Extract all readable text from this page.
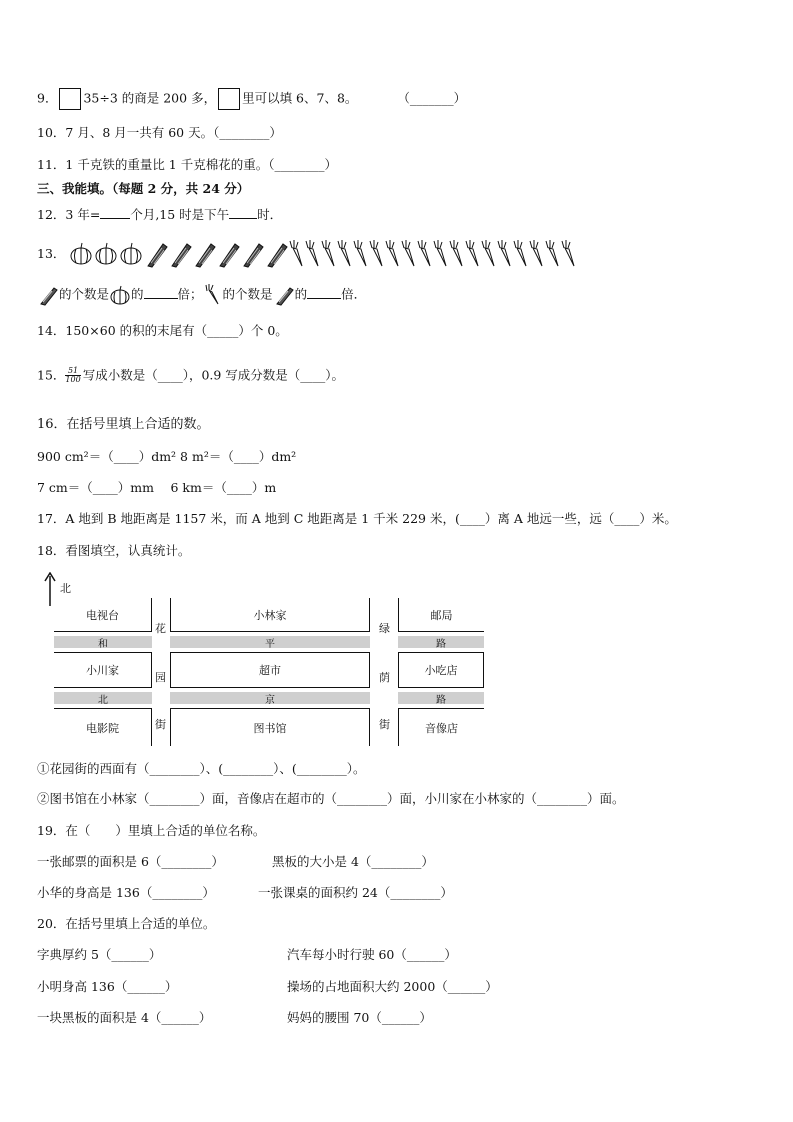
9． 35÷3 的商是 200 多， 里可以填 6、7、8。	（_______）
10．7 月、8 月一共有 60 天。（________）
11．1 千克铁的重量比 1 千克棉花的重。（________）
三、我能填。（每题 2 分，共 24 分）
12．3 年= 个月,15 时是下午 时．
13．
的个数是 的	倍； 的个数是 的	倍．
14．150×60 的积的末尾有（_____）个 0。
15． $\frac{51}{100}$ 写成小数是（____），0.9 写成分数是（____）。
16．在括号里填上合适的数。
900 cm²＝（____）dm² 8 m²＝（____）dm²
7 cm＝（____）mm　 6 km＝（____）m
17．A 地到 B 地距离是 1157 米，而 A 地到 C 地距离是 1 千米 229 米，(____）离 A 地远一些，远（____）米。
18．看图填空，认真统计。
北
电视台	小林家	邮局
和	平	路
小川家	超市	小吃店
北	京	路
电影院	图书馆	音像店
花
园
街
绿
荫
街
①花园街的西面有（________）、(________）、(________）。
②图书馆在小林家（________）面，音像店在超市的（________）面，小川家在小林家的（________）面。
19．在（　　）里填上合适的单位名称。
一张邮票的面积是 6（________）	黑板的大小是 4（________）
小华的身高是 136（________）	一张课桌的面积约 24（________）
20．在括号里填上合适的单位。
字典厚约 5（______）	汽车每小时行驶 60（______）
小明身高 136（______）	操场的占地面积大约 2000（______）
一块黑板的面积是 4（______）	妈妈的腰围 70（______）
